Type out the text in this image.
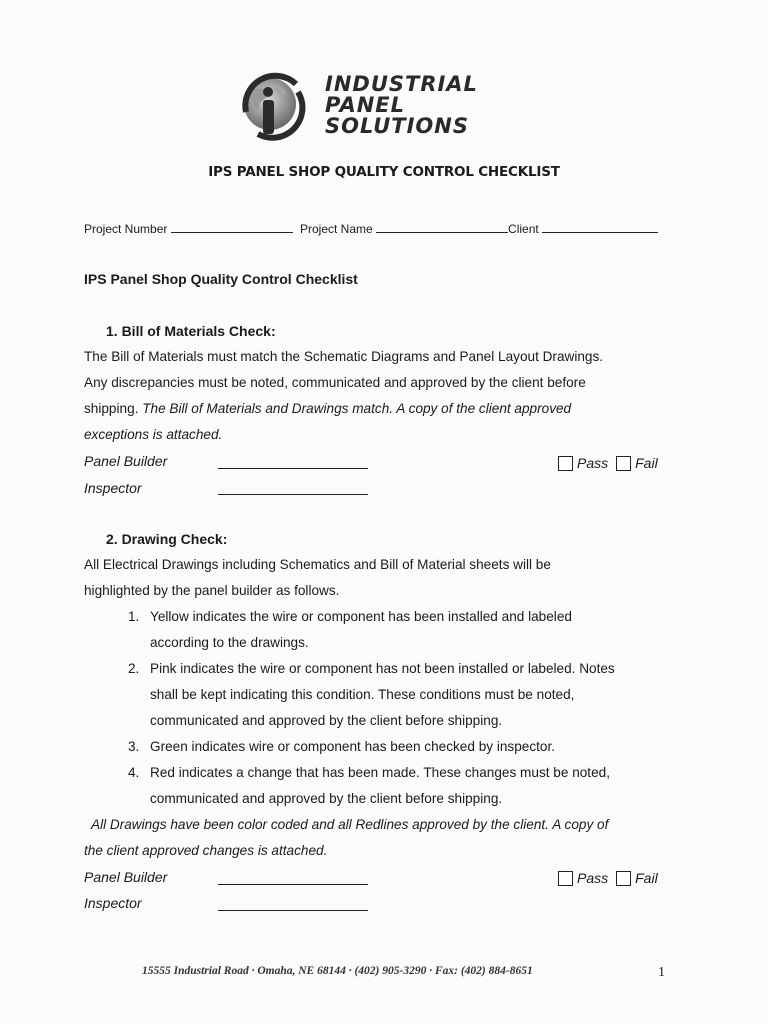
INDUSTRIAL
PANEL
SOLUTIONS
IPS PANEL SHOP QUALITY CONTROL CHECKLIST
Project Number	Project Name	Client
IPS Panel Shop Quality Control Checklist
1. Bill of Materials Check:
The Bill of Materials must match the Schematic Diagrams and Panel Layout Drawings.
Any discrepancies must be noted, communicated and approved by the client before
shipping. The Bill of Materials and Drawings match. A copy of the client approved
exceptions is attached.
Panel Builder
Inspector
Pass Fail
2. Drawing Check:
All Electrical Drawings including Schematics and Bill of Material sheets will be
highlighted by the panel builder as follows.
1. Yellow indicates the wire or component has been installed and labeled
according to the drawings.
2. Pink indicates the wire or component has not been installed or labeled. Notes
shall be kept indicating this condition. These conditions must be noted,
communicated and approved by the client before shipping.
3. Green indicates wire or component has been checked by inspector.
4. Red indicates a change that has been made. These changes must be noted,
communicated and approved by the client before shipping.
All Drawings have been color coded and all Redlines approved by the client. A copy of
the client approved changes is attached.
Panel Builder
Inspector
Pass Fail
15555 Industrial Road · Omaha, NE 68144 · (402) 905-3290 · Fax: (402) 884-8651	1
